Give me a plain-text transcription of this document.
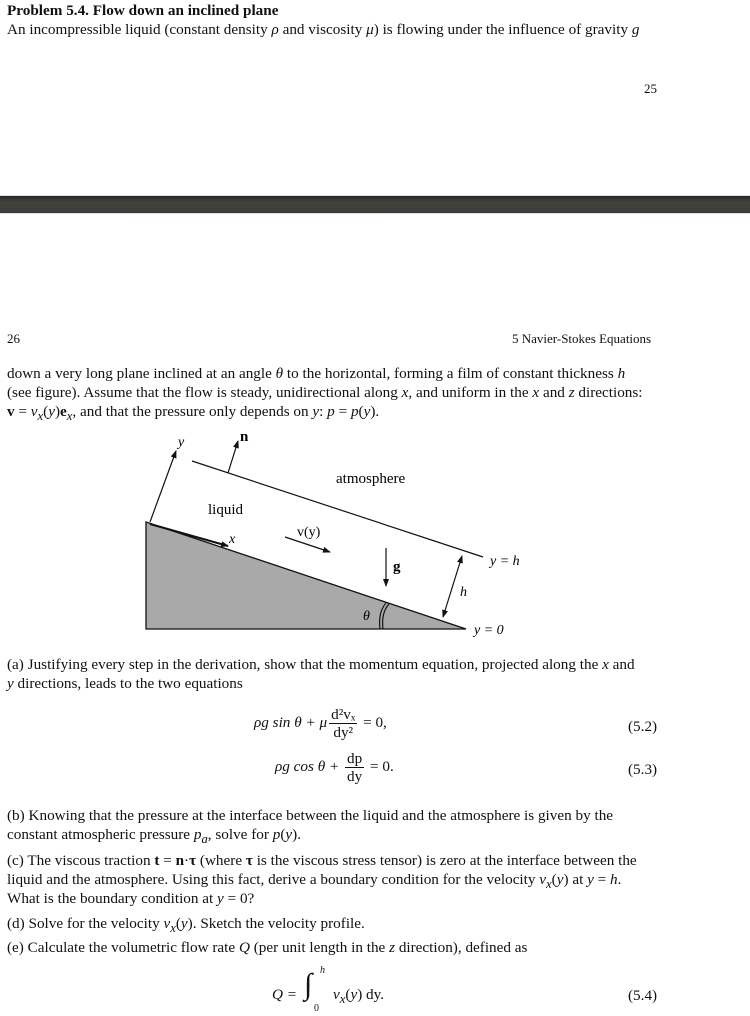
Problem 5.4. Flow down an inclined plane
An incompressible liquid (constant density ρ and viscosity μ) is flowing under the influence of gravity g
25
26	5 Navier-Stokes Equations
down a very long plane inclined at an angle θ to the horizontal, forming a film of constant thickness h
(see figure). Assume that the flow is steady, unidirectional along x, and uniform in the x and z directions:
$v = v_x(y)e_x$, and that the pressure only depends on y: p = p(y).
y	n
atmosphere
liquid
x	v(y)
g	y = h
h
θ
y = 0
(a) Justifying every step in the derivation, show that the momentum equation, projected along the x and
y directions, leads to the two equations
ρg sin θ + μ $\frac{\text{d²vₓ}}{\text{dy²}} = 0$,	(5.2)
ρg $\cos \theta + \frac{dp}{dy} = 0$.	(5.3)
(b) Knowing that the pressure at the interface between the liquid and the atmosphere is given by the
constant atmospheric pressure $p_a$, solve for p(y).
(c) The viscous traction t = n·τ (where τ is the viscous stress tensor) is zero at the interface between the
liquid and the atmosphere. Using this fact, derive a boundary condition for the velocity $v_x(y)$ at y = h.
What is the boundary condition at y = 0?
(d) Solve for the velocity $v_x(y)$. Sketch the velocity profile.
(e) Calculate the volumetric flow rate Q (per unit length in the z direction), defined as
Q = ∫ h
0
$v_x(y)$ dy.	(5.4)
